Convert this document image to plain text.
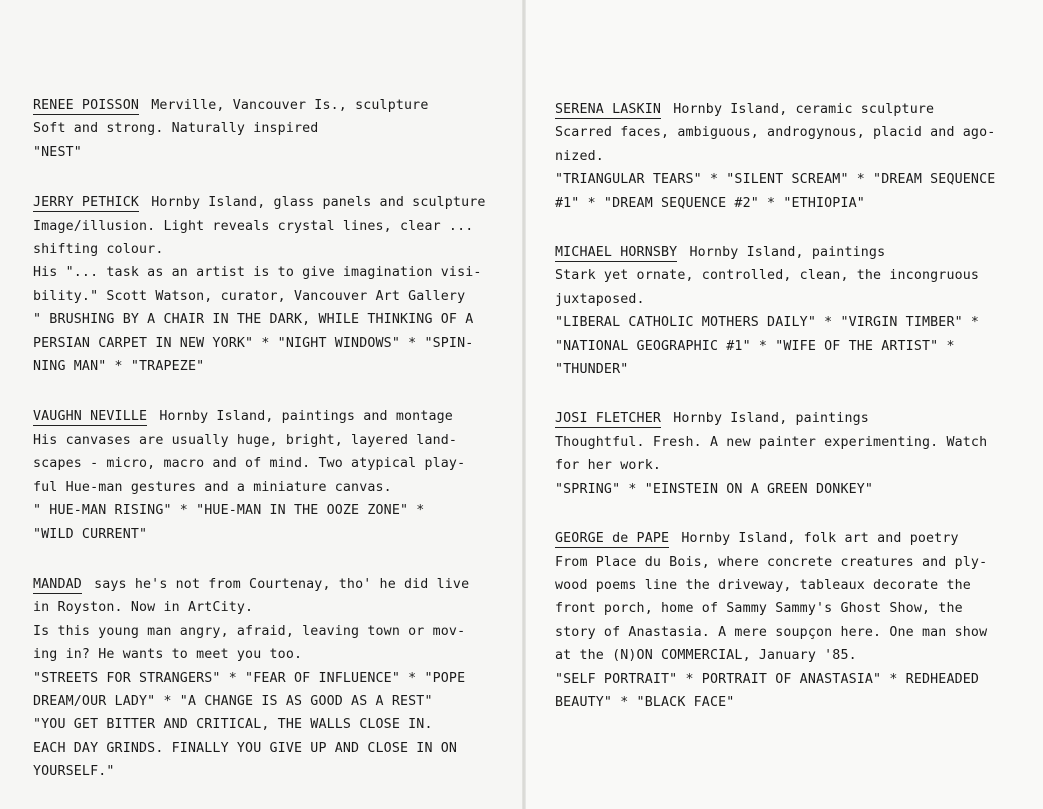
RENEE POISSON Merville, Vancouver Is., sculpture
Soft and strong. Naturally inspired
"NEST"
JERRY PETHICK Hornby Island, glass panels and sculpture
Image/illusion. Light reveals crystal lines, clear ...
shifting colour.
His "... task as an artist is to give imagination visi-
bility." Scott Watson, curator, Vancouver Art Gallery
" BRUSHING BY A CHAIR IN THE DARK, WHILE THINKING OF A
PERSIAN CARPET IN NEW YORK" * "NIGHT WINDOWS" * "SPIN-
NING MAN" * "TRAPEZE"
VAUGHN NEVILLE Hornby Island, paintings and montage
His canvases are usually huge, bright, layered land-
scapes - micro, macro and of mind. Two atypical play-
ful Hue-man gestures and a miniature canvas.
" HUE-MAN RISING" * "HUE-MAN IN THE OOZE ZONE" *
"WILD CURRENT"
MANDAD says he's not from Courtenay, tho' he did live
in Royston. Now in ArtCity.
Is this young man angry, afraid, leaving town or mov-
ing in? He wants to meet you too.
"STREETS FOR STRANGERS" * "FEAR OF INFLUENCE" * "POPE
DREAM/OUR LADY" * "A CHANGE IS AS GOOD AS A REST"
"YOU GET BITTER AND CRITICAL, THE WALLS CLOSE IN.
EACH DAY GRINDS. FINALLY YOU GIVE UP AND CLOSE IN ON
YOURSELF."
SERENA LASKIN Hornby Island, ceramic sculpture
Scarred faces, ambiguous, androgynous, placid and ago-
nized.
"TRIANGULAR TEARS" * "SILENT SCREAM" * "DREAM SEQUENCE
#1" * "DREAM SEQUENCE #2" * "ETHIOPIA"
MICHAEL HORNSBY Hornby Island, paintings
Stark yet ornate, controlled, clean, the incongruous
juxtaposed.
"LIBERAL CATHOLIC MOTHERS DAILY" * "VIRGIN TIMBER" *
"NATIONAL GEOGRAPHIC #1" * "WIFE OF THE ARTIST" *
"THUNDER"
JOSI FLETCHER Hornby Island, paintings
Thoughtful. Fresh. A new painter experimenting. Watch
for her work.
"SPRING" * "EINSTEIN ON A GREEN DONKEY"
GEORGE de PAPE Hornby Island, folk art and poetry
From Place du Bois, where concrete creatures and ply-
wood poems line the driveway, tableaux decorate the
front porch, home of Sammy Sammy's Ghost Show, the
story of Anastasia. A mere soupçon here. One man show
at the (N)ON COMMERCIAL, January '85.
"SELF PORTRAIT" * PORTRAIT OF ANASTASIA" * REDHEADED
BEAUTY" * "BLACK FACE"
